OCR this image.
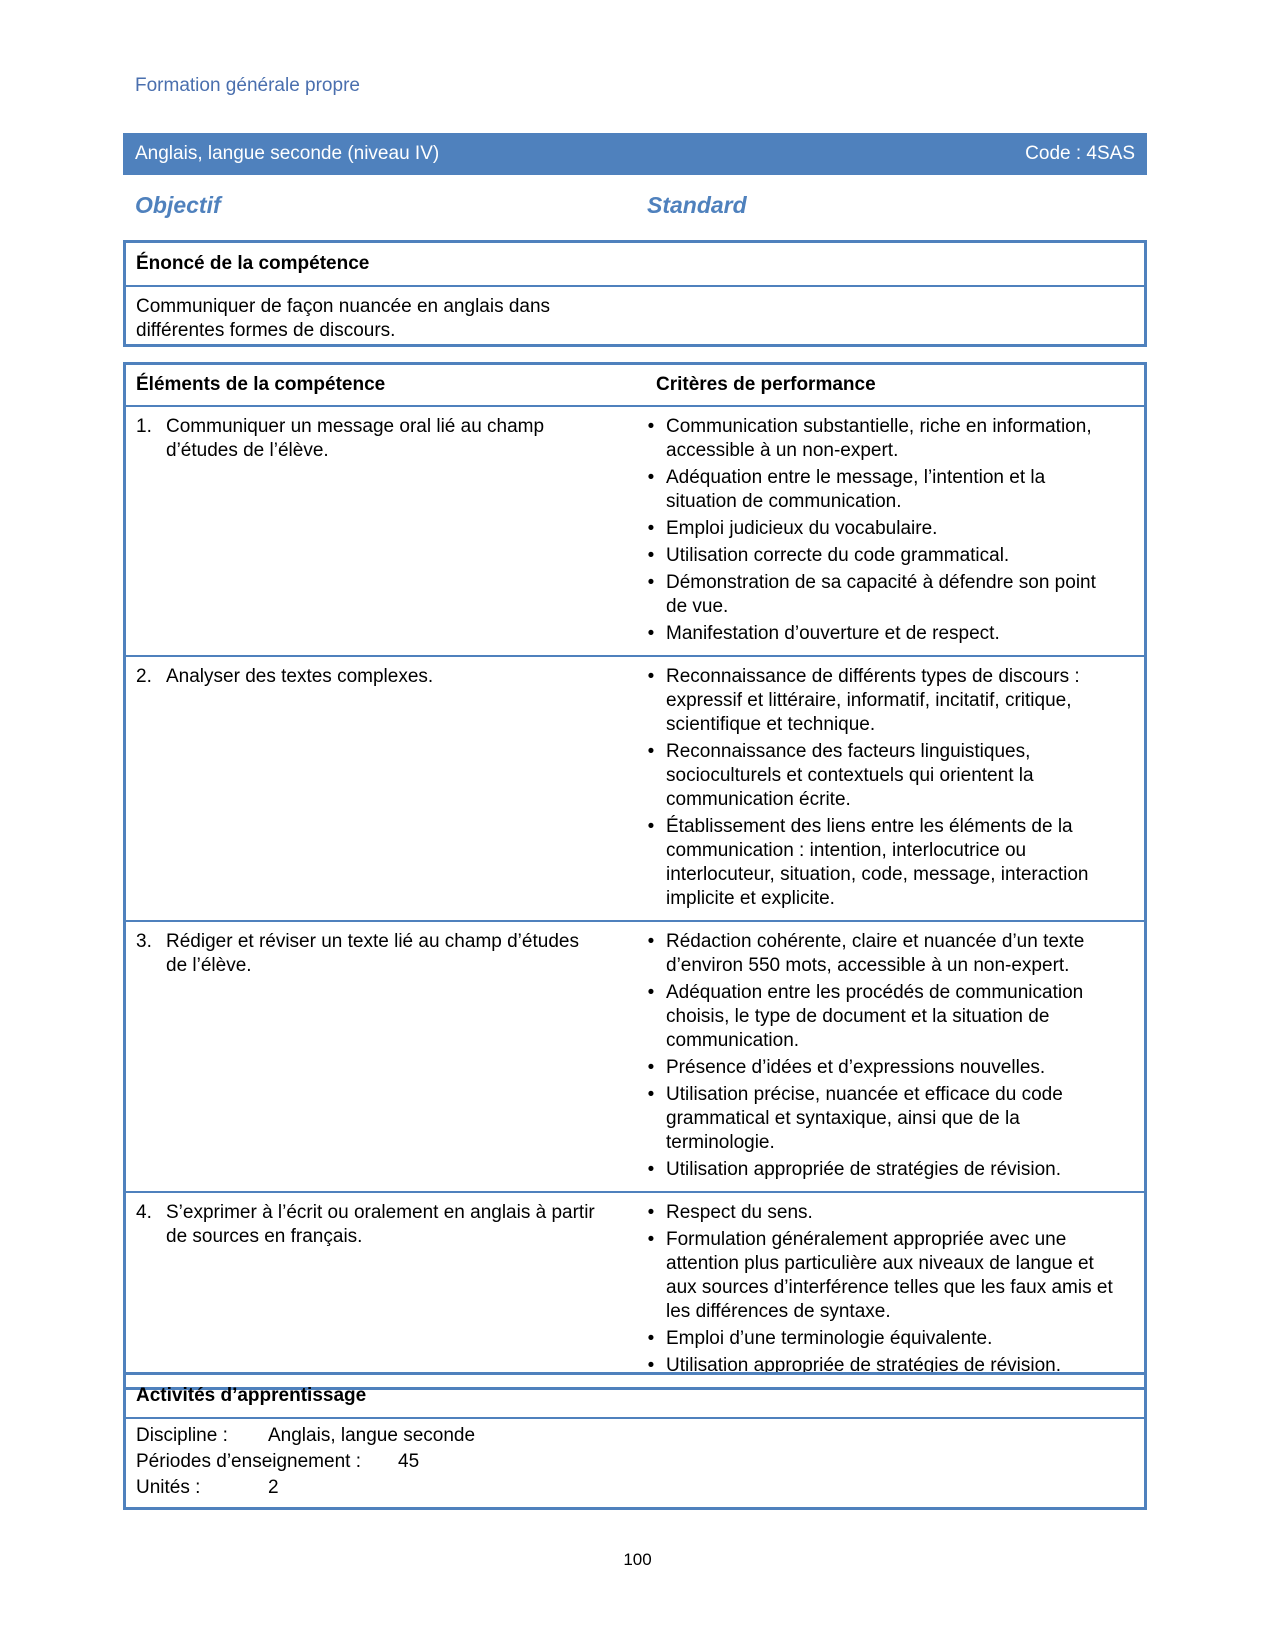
Formation générale propre
Anglais, langue seconde (niveau IV)	Code : 4SAS
Objectif	Standard
Énoncé de la compétence
Communiquer de façon nuancée en anglais dans différentes formes de discours.
Éléments de la compétence	Critères de performance
1. Communiquer un message oral lié au champ d’études de l’élève.
• Communication substantielle, riche en information, accessible à un non-expert.
• Adéquation entre le message, l’intention et la situation de communication.
• Emploi judicieux du vocabulaire.
• Utilisation correcte du code grammatical.
• Démonstration de sa capacité à défendre son point de vue.
• Manifestation d’ouverture et de respect.
2. Analyser des textes complexes.	• Reconnaissance de différents types de discours : expressif et littéraire, informatif, incitatif, critique, scientifique et technique.
• Reconnaissance des facteurs linguistiques, socioculturels et contextuels qui orientent la communication écrite.
• Établissement des liens entre les éléments de la communication : intention, interlocutrice ou interlocuteur, situation, code, message, interaction implicite et explicite.
3. Rédiger et réviser un texte lié au champ d’études de l’élève.
• Rédaction cohérente, claire et nuancée d’un texte d’environ 550 mots, accessible à un non-expert.
• Adéquation entre les procédés de communication choisis, le type de document et la situation de communication.
• Présence d’idées et d’expressions nouvelles.
• Utilisation précise, nuancée et efficace du code grammatical et syntaxique, ainsi que de la terminologie.
• Utilisation appropriée de stratégies de révision.
4. S’exprimer à l’écrit ou oralement en anglais à partir de sources en français.
• Respect du sens.
• Formulation généralement appropriée avec une attention plus particulière aux niveaux de langue et aux sources d’interférence telles que les faux amis et les différences de syntaxe.
• Emploi d’une terminologie équivalente.
• Utilisation appropriée de stratégies de révision.
Activités d’apprentissage
Discipline :	Anglais, langue seconde
Périodes d’enseignement :	45
Unités :	2
100
